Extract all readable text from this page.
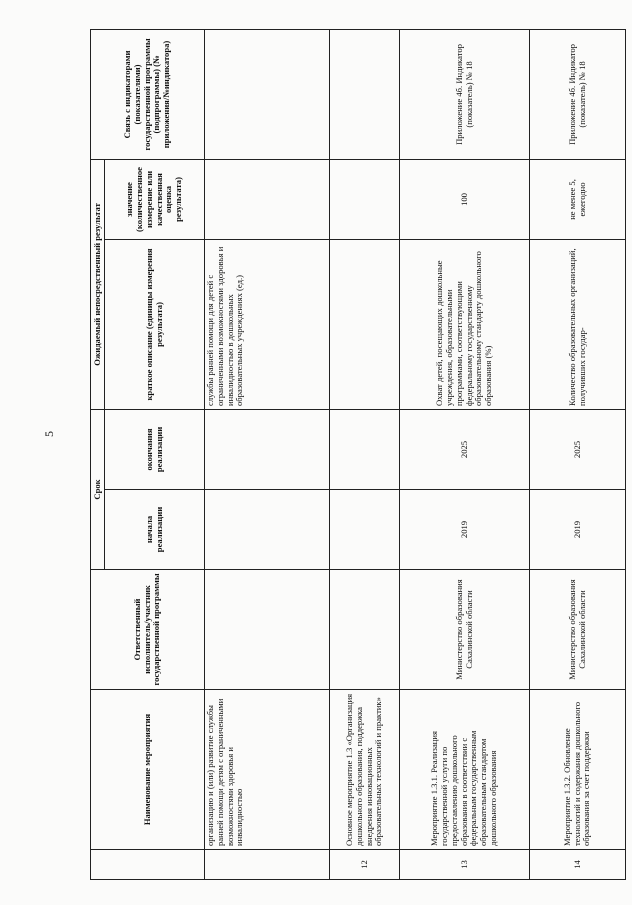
5
	Наименование мероприятия	Ответственный исполнитель/участник государственной программы	Срок		Ожидаемый непосредственный результат		Связь с индикаторами (показателями) государственной программы (подпрограммы) (№ приложения/№индикатора)
			начала реализации	окончания реализации	краткое описание (единицы измерения результата)	значение (количественное измерение или качественная оценка результата)	
	организацию и (или) развитие службы ранней помощи детям с ограниченными возможностями здоровья и инвалидностью				службы ранней помощи для детей с ограниченными возможностями здоровья и инвалидностью в дошкольных образовательных учреждениях (ед.)		
12	Основное мероприятие 1.3 «Организация дошкольного образования, поддержка внедрения инновационных образовательных технологий и практик»						
13	Мероприятие 1.3.1. Реализация государственной услуги по предоставлению дошкольного образования в соответствии с федеральным государственным образовательным стандартом дошкольного образования	Министерство образования Сахалинской области	2019	2025	Охват детей, посещающих дошкольные учреждения, образовательными программами, соответствующими федеральному государственному образовательному стандарту дошкольного образования (%)	100	Приложение 4б. Индикатор (показатель) № 18
14	Мероприятие 1.3.2. Обновление технологий и содержания дошкольного образования за счет поддержки	Министерство образования Сахалинской области	2019	2025	Количество образовательных организаций, получивших государ-	не менее 5, ежегодно	Приложение 4б. Индикатор (показатель) № 18
